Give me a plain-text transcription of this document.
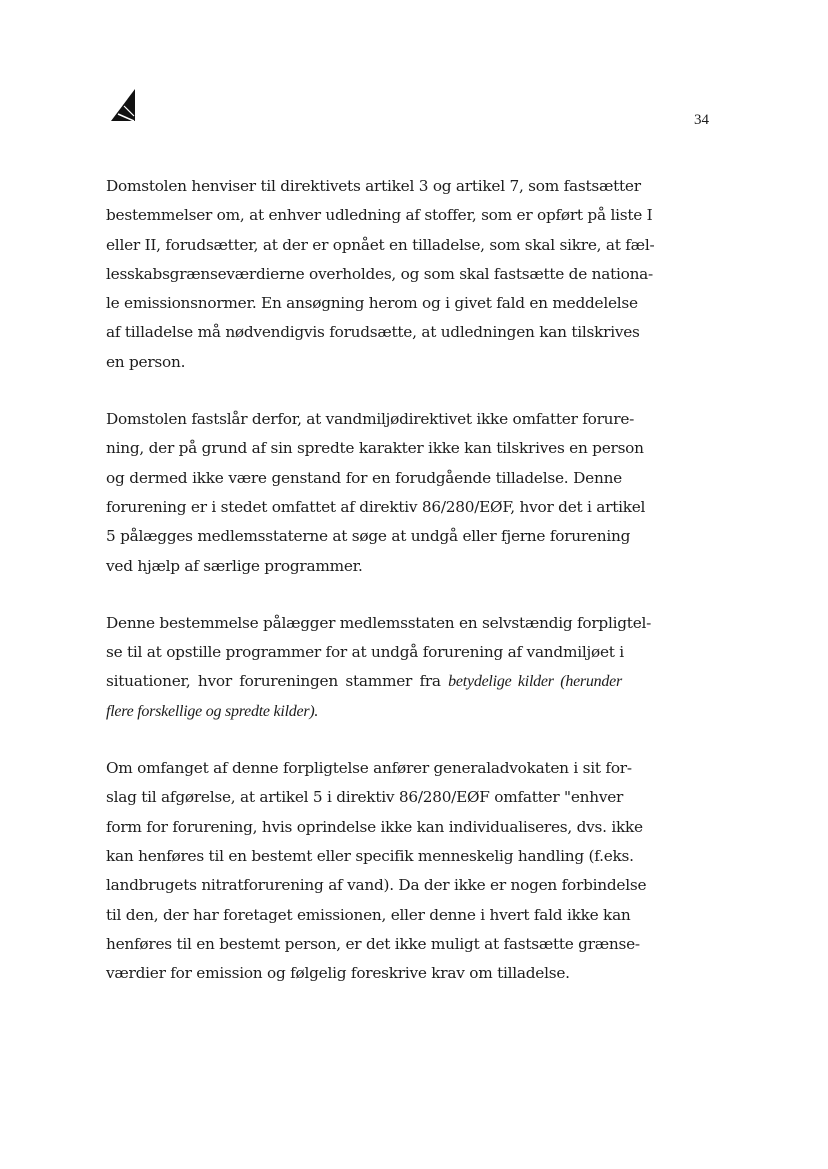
34

Domstolen henviser til direktivets artikel 3 og artikel 7, som fastsætter
bestemmelser om, at enhver udledning af stoffer, som er opført på liste I
eller II, forudsætter, at der er opnået en tilladelse, som skal sikre, at fæl-
lesskabsgrænseværdierne overholdes, og som skal fastsætte de nationa-
le emissionsnormer. En ansøgning herom og i givet fald en meddelelse
af tilladelse må nødvendigvis forudsætte, at udledningen kan tilskrives
en person.

Domstolen fastslår derfor, at vandmiljødirektivet ikke omfatter forure-
ning, der på grund af sin spredte karakter ikke kan tilskrives en person
og dermed ikke være genstand for en forudgående tilladelse. Denne
forurening er i stedet omfattet af direktiv 86/280/EØF, hvor det i artikel
5 pålægges medlemsstaterne at søge at undgå eller fjerne forurening
ved hjælp af særlige programmer.

Denne bestemmelse pålægger medlemsstaten en selvstændig forpligtel-
se til at opstille programmer for at undgå forurening af vandmiljøet i
situationer, hvor forureningen stammer fra betydelige kilder (herunder
flere forskellige og spredte kilder).

Om omfanget af denne forpligtelse anfører generaladvokaten i sit for-
slag til afgørelse, at artikel 5 i direktiv 86/280/EØF omfatter "enhver
form for forurening, hvis oprindelse ikke kan individualiseres, dvs. ikke
kan henføres til en bestemt eller specifik menneskelig handling (f.eks.
landbrugets nitratforurening af vand). Da der ikke er nogen forbindelse
til den, der har foretaget emissionen, eller denne i hvert fald ikke kan
henføres til en bestemt person, er det ikke muligt at fastsætte grænse-
værdier for emission og følgelig foreskrive krav om tilladelse.
